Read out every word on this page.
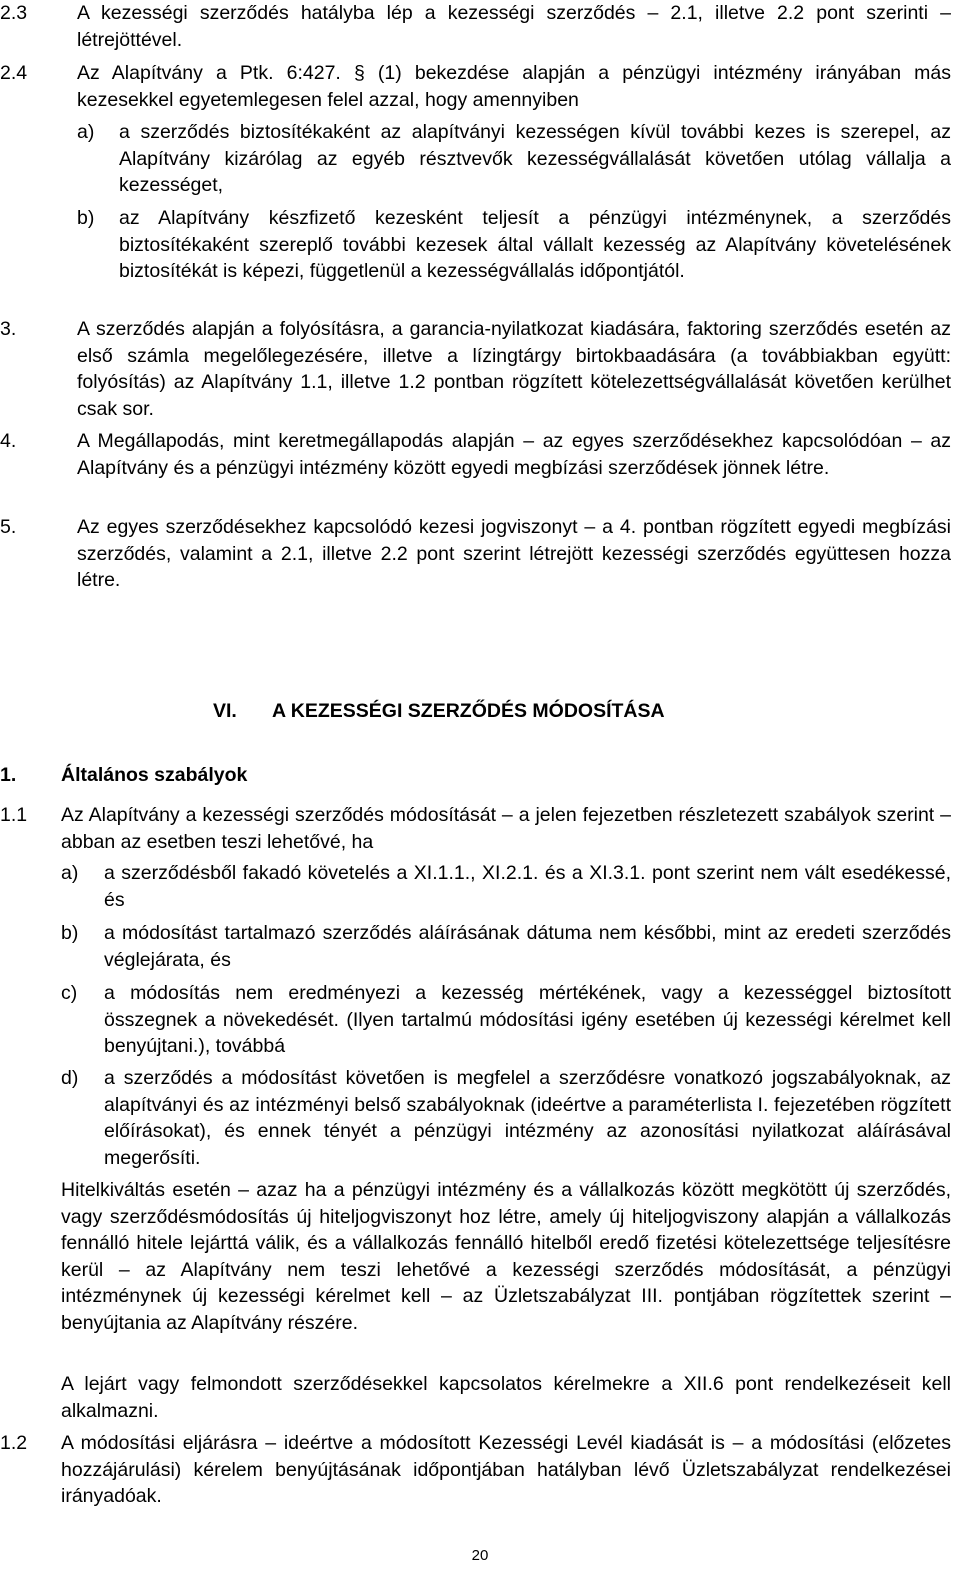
2.3	A kezességi szerződés hatályba lép a kezességi szerződés – 2.1, illetve 2.2 pont szerinti – létrejöttével.
2.4	Az Alapítvány a Ptk. 6:427. § (1) bekezdése alapján a pénzügyi intézmény irányában más kezesekkel egyetemlegesen felel azzal, hogy amennyiben
a) a szerződés biztosítékaként az alapítványi kezességen kívül további kezes is szerepel, az Alapítvány kizárólag az egyéb résztvevők kezességvállalását követően utólag vállalja a kezességet,
b) az Alapítvány készfizető kezesként teljesít a pénzügyi intézménynek, a szerződés biztosítékaként szereplő további kezesek által vállalt kezesség az Alapítvány követelésének biztosítékát is képezi, függetlenül a kezességvállalás időpontjától.
3.	A szerződés alapján a folyósításra, a garancia-nyilatkozat kiadására, faktoring szerződés esetén az első számla megelőlegezésére, illetve a lízingtárgy birtokbaadására (a továbbiakban együtt: folyósítás) az Alapítvány 1.1, illetve 1.2 pontban rögzített kötelezettségvállalását követően kerülhet csak sor.
4.	A Megállapodás, mint keretmegállapodás alapján – az egyes szerződésekhez kapcsolódóan – az Alapítvány és a pénzügyi intézmény között egyedi megbízási szerződések jönnek létre.
5.	Az egyes szerződésekhez kapcsolódó kezesi jogviszonyt – a 4. pontban rögzített egyedi megbízási szerződés, valamint a 2.1, illetve 2.2 pont szerint létrejött kezességi szerződés együttesen hozza létre.
VI. A KEZESSÉGI SZERZŐDÉS MÓDOSÍTÁSA
1. Általános szabályok
1.1 Az Alapítvány a kezességi szerződés módosítását – a jelen fejezetben részletezett szabályok szerint – abban az esetben teszi lehetővé, ha
a) a szerződésből fakadó követelés a XI.1.1., XI.2.1. és a XI.3.1. pont szerint nem vált esedékessé, és
b) a módosítást tartalmazó szerződés aláírásának dátuma nem későbbi, mint az eredeti szerződés véglejárata, és
c) a módosítás nem eredményezi a kezesség mértékének, vagy a kezességgel biztosított összegnek a növekedését. (Ilyen tartalmú módosítási igény esetében új kezességi kérelmet kell benyújtani.), továbbá
d) a szerződés a módosítást követően is megfelel a szerződésre vonatkozó jogszabályoknak, az alapítványi és az intézményi belső szabályoknak (ideértve a paraméterlista I. fejezetében rögzített előírásokat), és ennek tényét a pénzügyi intézmény az azonosítási nyilatkozat aláírásával megerősíti.
Hitelkiváltás esetén – azaz ha a pénzügyi intézmény és a vállalkozás között megkötött új szerződés, vagy szerződésmódosítás új hiteljogviszonyt hoz létre, amely új hiteljogviszony alapján a vállalkozás fennálló hitele lejárttá válik, és a vállalkozás fennálló hitelből eredő fizetési kötelezettsége teljesítésre kerül – az Alapítvány nem teszi lehetővé a kezességi szerződés módosítását, a pénzügyi intézménynek új kezességi kérelmet kell – az Üzletszabályzat III. pontjában rögzítettek szerint – benyújtania az Alapítvány részére.
A lejárt vagy felmondott szerződésekkel kapcsolatos kérelmekre a XII.6 pont rendelkezéseit kell alkalmazni.
1.2 A módosítási eljárásra – ideértve a módosított Kezességi Levél kiadását is – a módosítási (előzetes hozzájárulási) kérelem benyújtásának időpontjában hatályban lévő Üzletszabályzat rendelkezései irányadóak.
20
